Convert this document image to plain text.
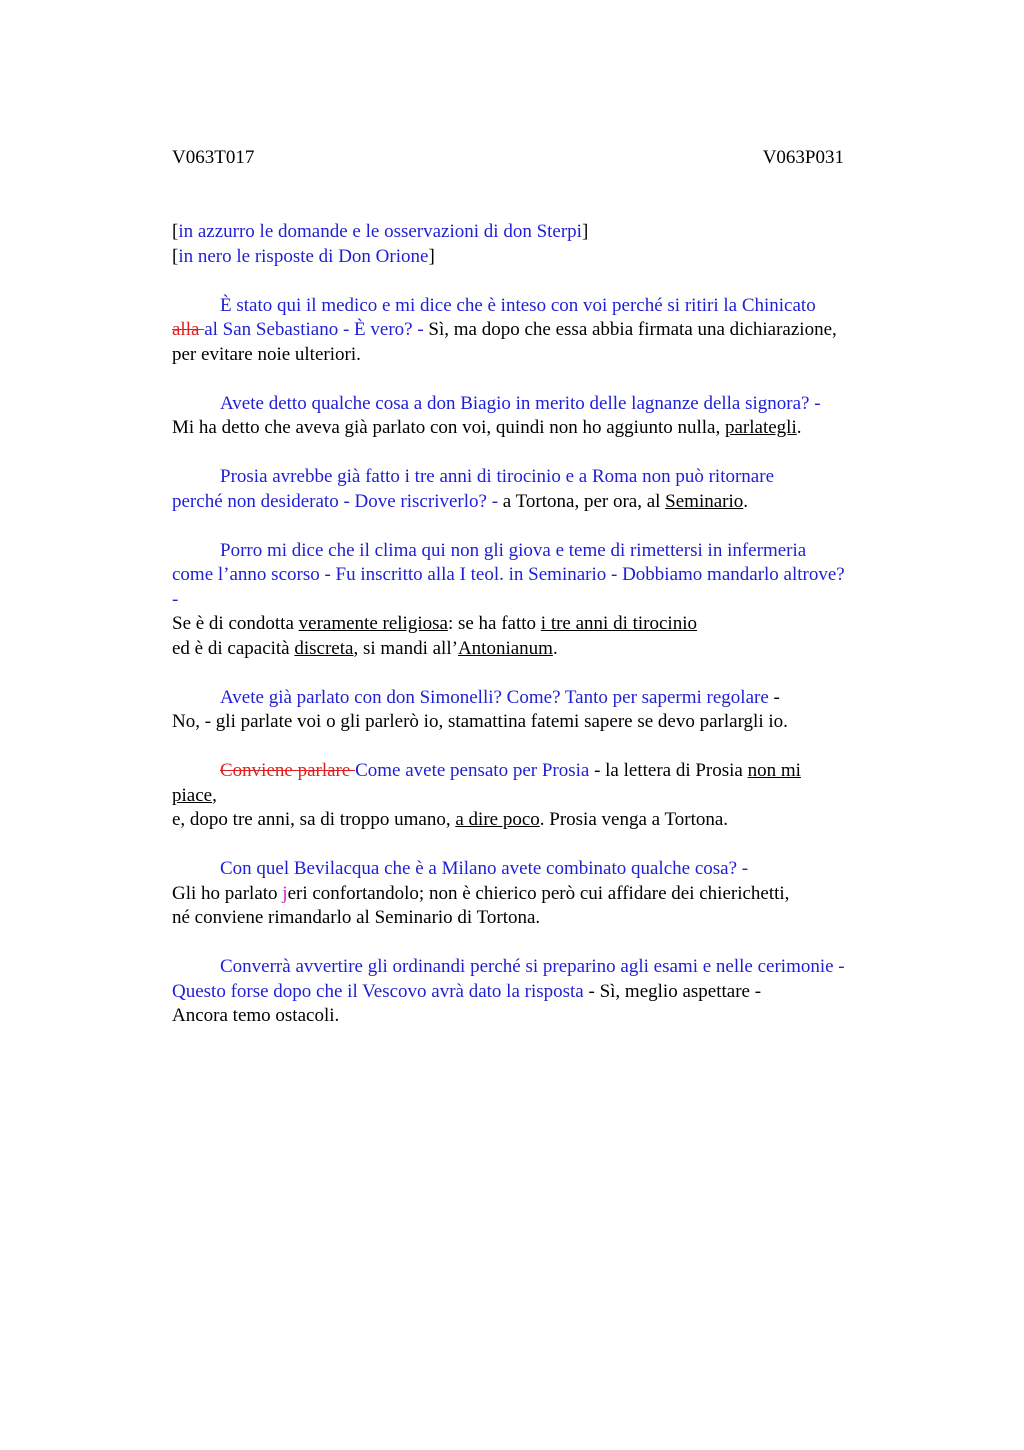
V063T017	V063P031
[in azzurro le domande e le osservazioni di don Sterpi]
[in nero le risposte di Don Orione]
È stato qui il medico e mi dice che è inteso con voi perché si ritiri la Chinicato
alla al San Sebastiano - È vero? - Sì, ma dopo che essa abbia firmata una dichiarazione,
per evitare noie ulteriori.
Avete detto qualche cosa a don Biagio in merito delle lagnanze della signora? -
Mi ha detto che aveva già parlato con voi, quindi non ho aggiunto nulla, parlategli.
Prosia avrebbe già fatto i tre anni di tirocinio e a Roma non può ritornare
perché non desiderato - Dove riscriverlo? - a Tortona, per ora, al Seminario.
Porro mi dice che il clima qui non gli giova e teme di rimettersi in infermeria
come l’anno scorso - Fu inscritto alla I teol. in Seminario - Dobbiamo mandarlo altrove?
-
Se è di condotta veramente religiosa: se ha fatto i tre anni di tirocinio
ed è di capacità discreta, si mandi all’Antonianum.
Avete già parlato con don Simonelli? Come? Tanto per sapermi regolare -
No, - gli parlate voi o gli parlerò io, stamattina fatemi sapere se devo parlargli io.
Conviene parlare Come avete pensato per Prosia - la lettera di Prosia non mi
piace,
e, dopo tre anni, sa di troppo umano, a dire poco. Prosia venga a Tortona.
Con quel Bevilacqua che è a Milano avete combinato qualche cosa? -
Gli ho parlato jeri confortandolo; non è chierico però cui affidare dei chierichetti,
né conviene rimandarlo al Seminario di Tortona.
Converrà avvertire gli ordinandi perché si preparino agli esami e nelle cerimonie -
Questo forse dopo che il Vescovo avrà dato la risposta - Sì, meglio aspettare -
Ancora temo ostacoli.
